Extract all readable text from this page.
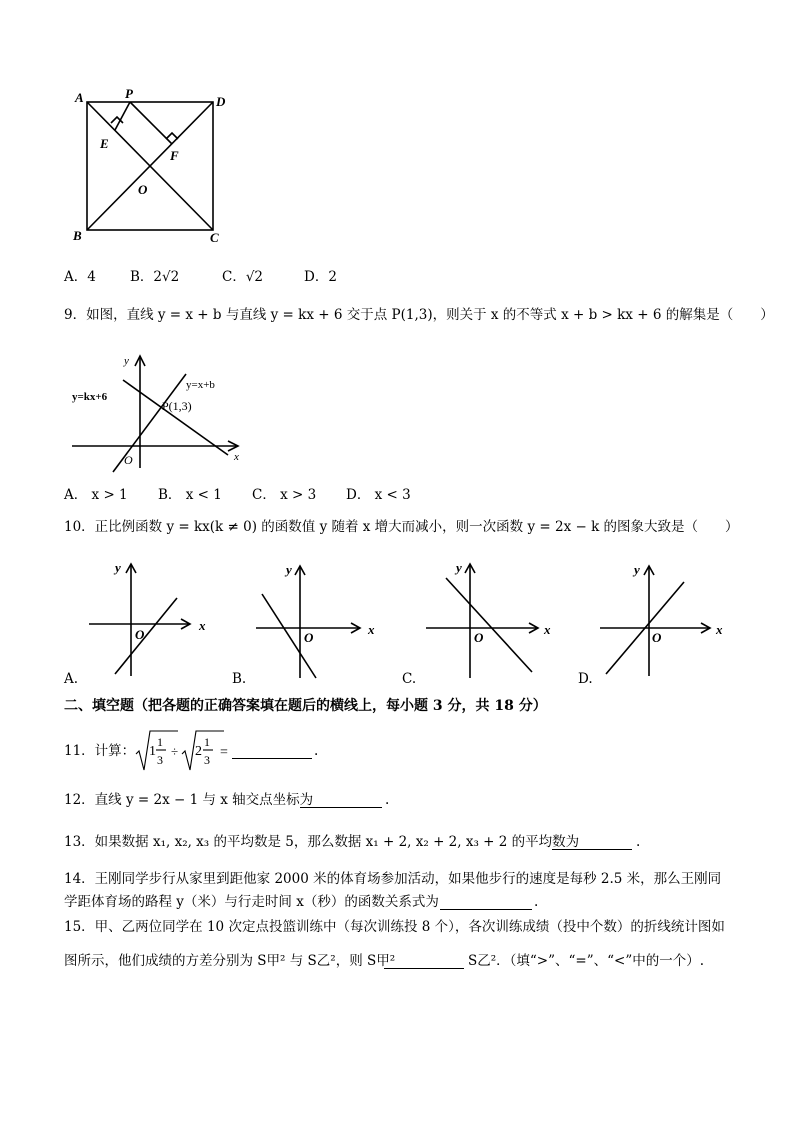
A	P
D
E
F
O
B	C
A．4	B．2√2	C．√2	D．2
9．如图，直线 y = x + b 与直线 y = kx + 6 交于点 P(1,3)，则关于 x 的不等式 x + b > kx + 6 的解集是（　　）
y
x
O
y=kx+6
y=x+b
P(1,3)
A． x > 1 B． x < 1 C． x > 3 D． x < 3
10．正比例函数 y = kx(k ≠ 0) 的函数值 y 随着 x 增大而减小，则一次函数 y = 2x − k 的图象大致是（　　）
y
x
O
y
x
O
y
x
O
y
x
O
A.	B.	C.	D.
二、填空题（把各题的正确答案填在题后的横线上，每小题 3 分，共 18 分）
11．计算： 1
1
3
÷ 2
1
3 =	.
12．直线 y = 2x − 1 与 x 轴交点坐标为	.
13．如果数据 x₁, x₂, x₃ 的平均数是 5，那么数据 x₁ + 2, x₂ + 2, x₃ + 2 的平均数为	.
14．王刚同学步行从家里到距他家 2000 米的体育场参加活动，如果他步行的速度是每秒 2.5 米，那么王刚同
学距体育场的路程 y（米）与行走时间 x（秒）的函数关系式为	.
15．甲、乙两位同学在 10 次定点投篮训练中（每次训练投 8 个），各次训练成绩（投中个数）的折线统计图如
图所示，他们成绩的方差分别为 S甲² 与 S乙²，则 S甲²	S乙²．（填“>”、“=”、“<”中的一个）.
